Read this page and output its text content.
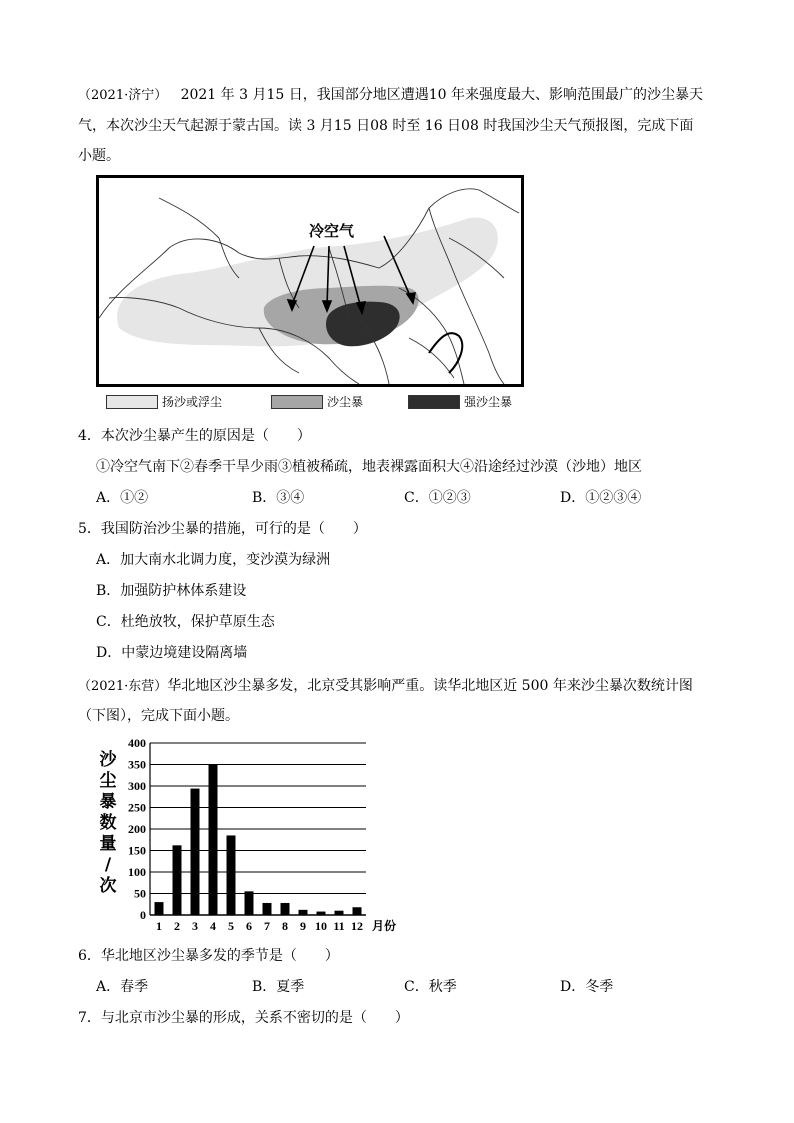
（2021·济宁） 2021 年 3 月15 日，我国部分地区遭遇10 年来强度最大、影响范围最广的沙尘暴天
气，本次沙尘天气起源于蒙古国。读 3 月15 日08 时至 16 日08 时我国沙尘天气预报图，完成下面
小题。
冷空气
扬沙或浮尘	沙尘暴	强沙尘暴
4．本次沙尘暴产生的原因是（　　）
①冷空气南下②春季干旱少雨③植被稀疏，地表裸露面积大④沿途经过沙漠（沙地）地区
A．①②	B．③④	C．①②③	D．①②③④
5．我国防治沙尘暴的措施，可行的是（　　）
A．加大南水北调力度，变沙漠为绿洲
B．加强防护林体系建设
C．杜绝放牧，保护草原生态
D．中蒙边境建设隔离墙
（2021·东营）华北地区沙尘暴多发，北京受其影响严重。读华北地区近 500 年来沙尘暴次数统计图
（下图），完成下面小题。
0
50
100
150
200
250
300
350
400
1 2 3 4 5 6 7 8 9 10 11 12 月份
沙
尘
暴
数
量
/
次
6．华北地区沙尘暴多发的季节是（　　）
A．春季	B．夏季	C．秋季	D．冬季
7．与北京市沙尘暴的形成，关系不密切的是（　　）
